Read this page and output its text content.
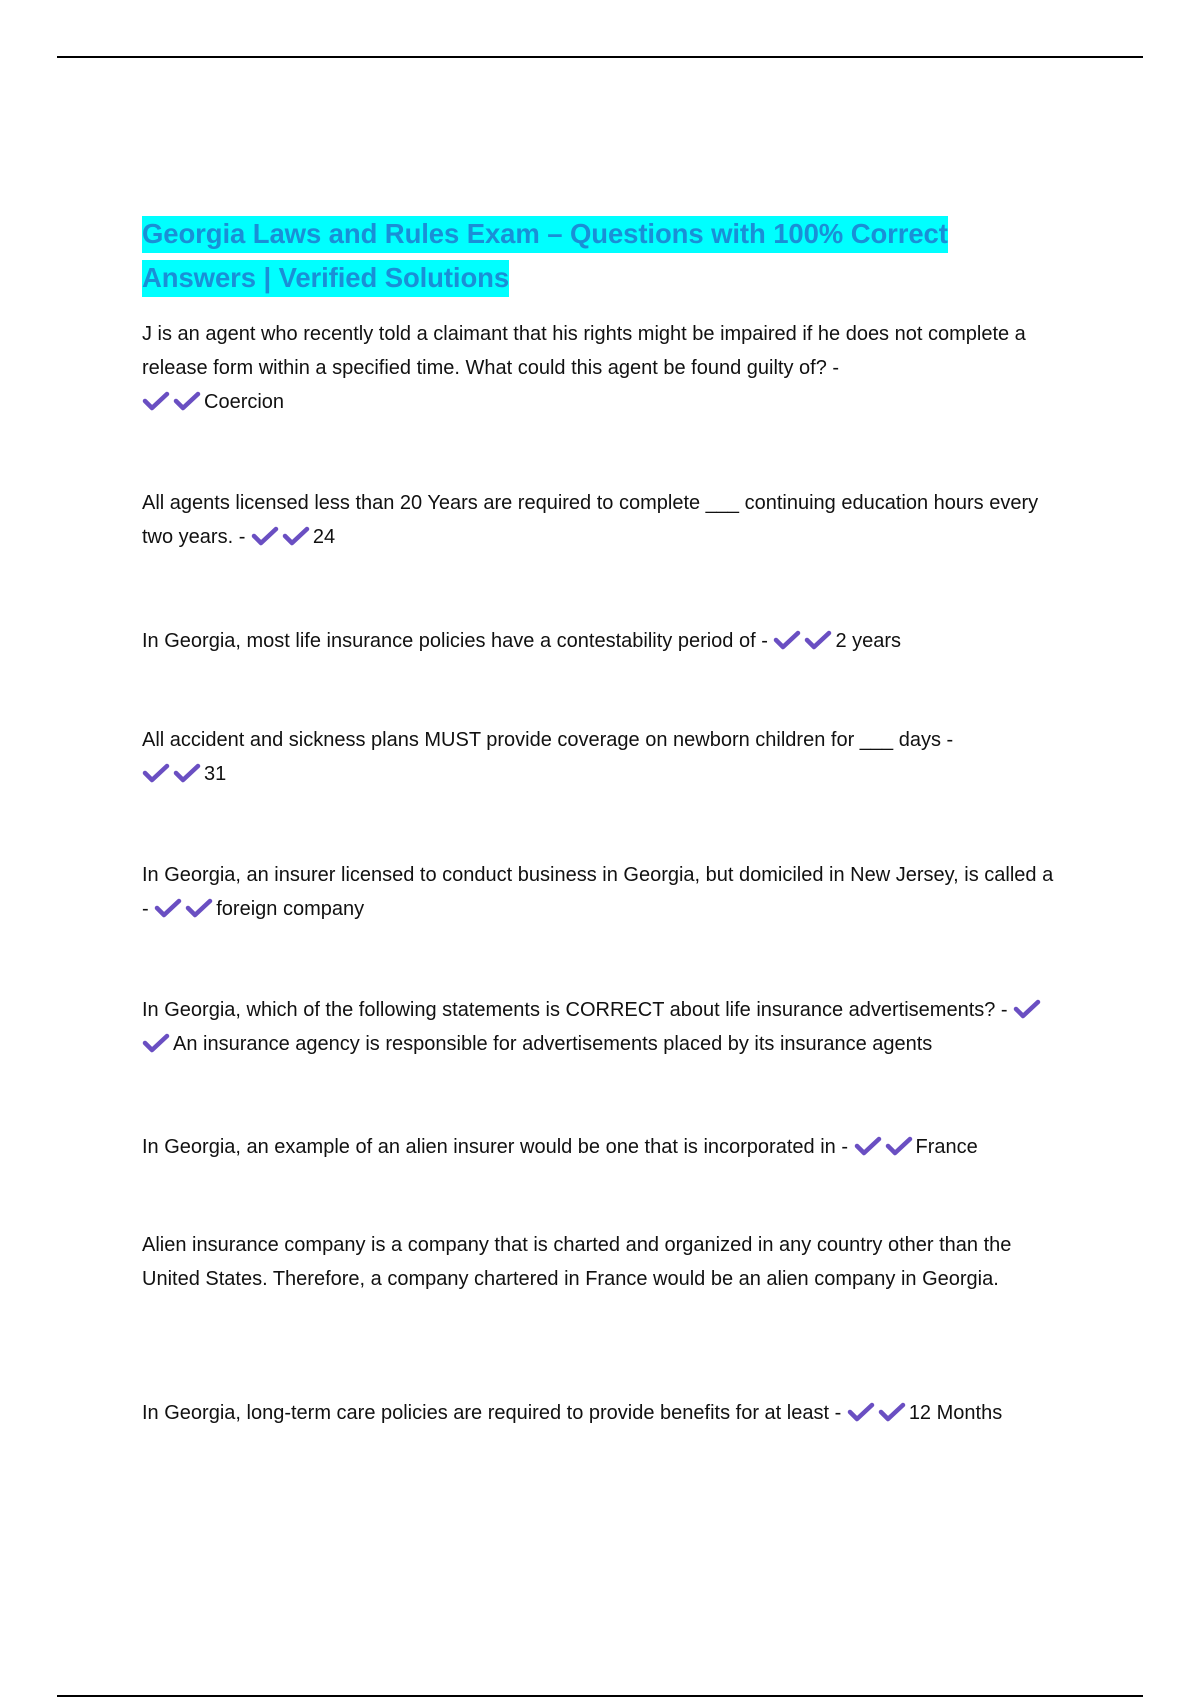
Georgia Laws and Rules Exam – Questions with 100% Correct Answers | Verified Solutions

J is an agent who recently told a claimant that his rights might be impaired if he does not complete a release form within a specified time. What could this agent be found guilty of? -

Coercion

All agents licensed less than 20 Years are required to complete ___ continuing education hours every two years. -	24

In Georgia, most life insurance policies have a contestability period of -	2 years

All accident and sickness plans MUST provide coverage on newborn children for ___ days -

31

In Georgia, an insurer licensed to conduct business in Georgia, but domiciled in New Jersey, is called a -	foreign company

In Georgia, which of the following statements is CORRECT about life insurance advertisements? -
An insurance agency is responsible for advertisements placed by its insurance agents

In Georgia, an example of an alien insurer would be one that is incorporated in -	France

Alien insurance company is a company that is charted and organized in any country other than the United States. Therefore, a company chartered in France would be an alien company in Georgia.

In Georgia, long-term care policies are required to provide benefits for at least -	12 Months
